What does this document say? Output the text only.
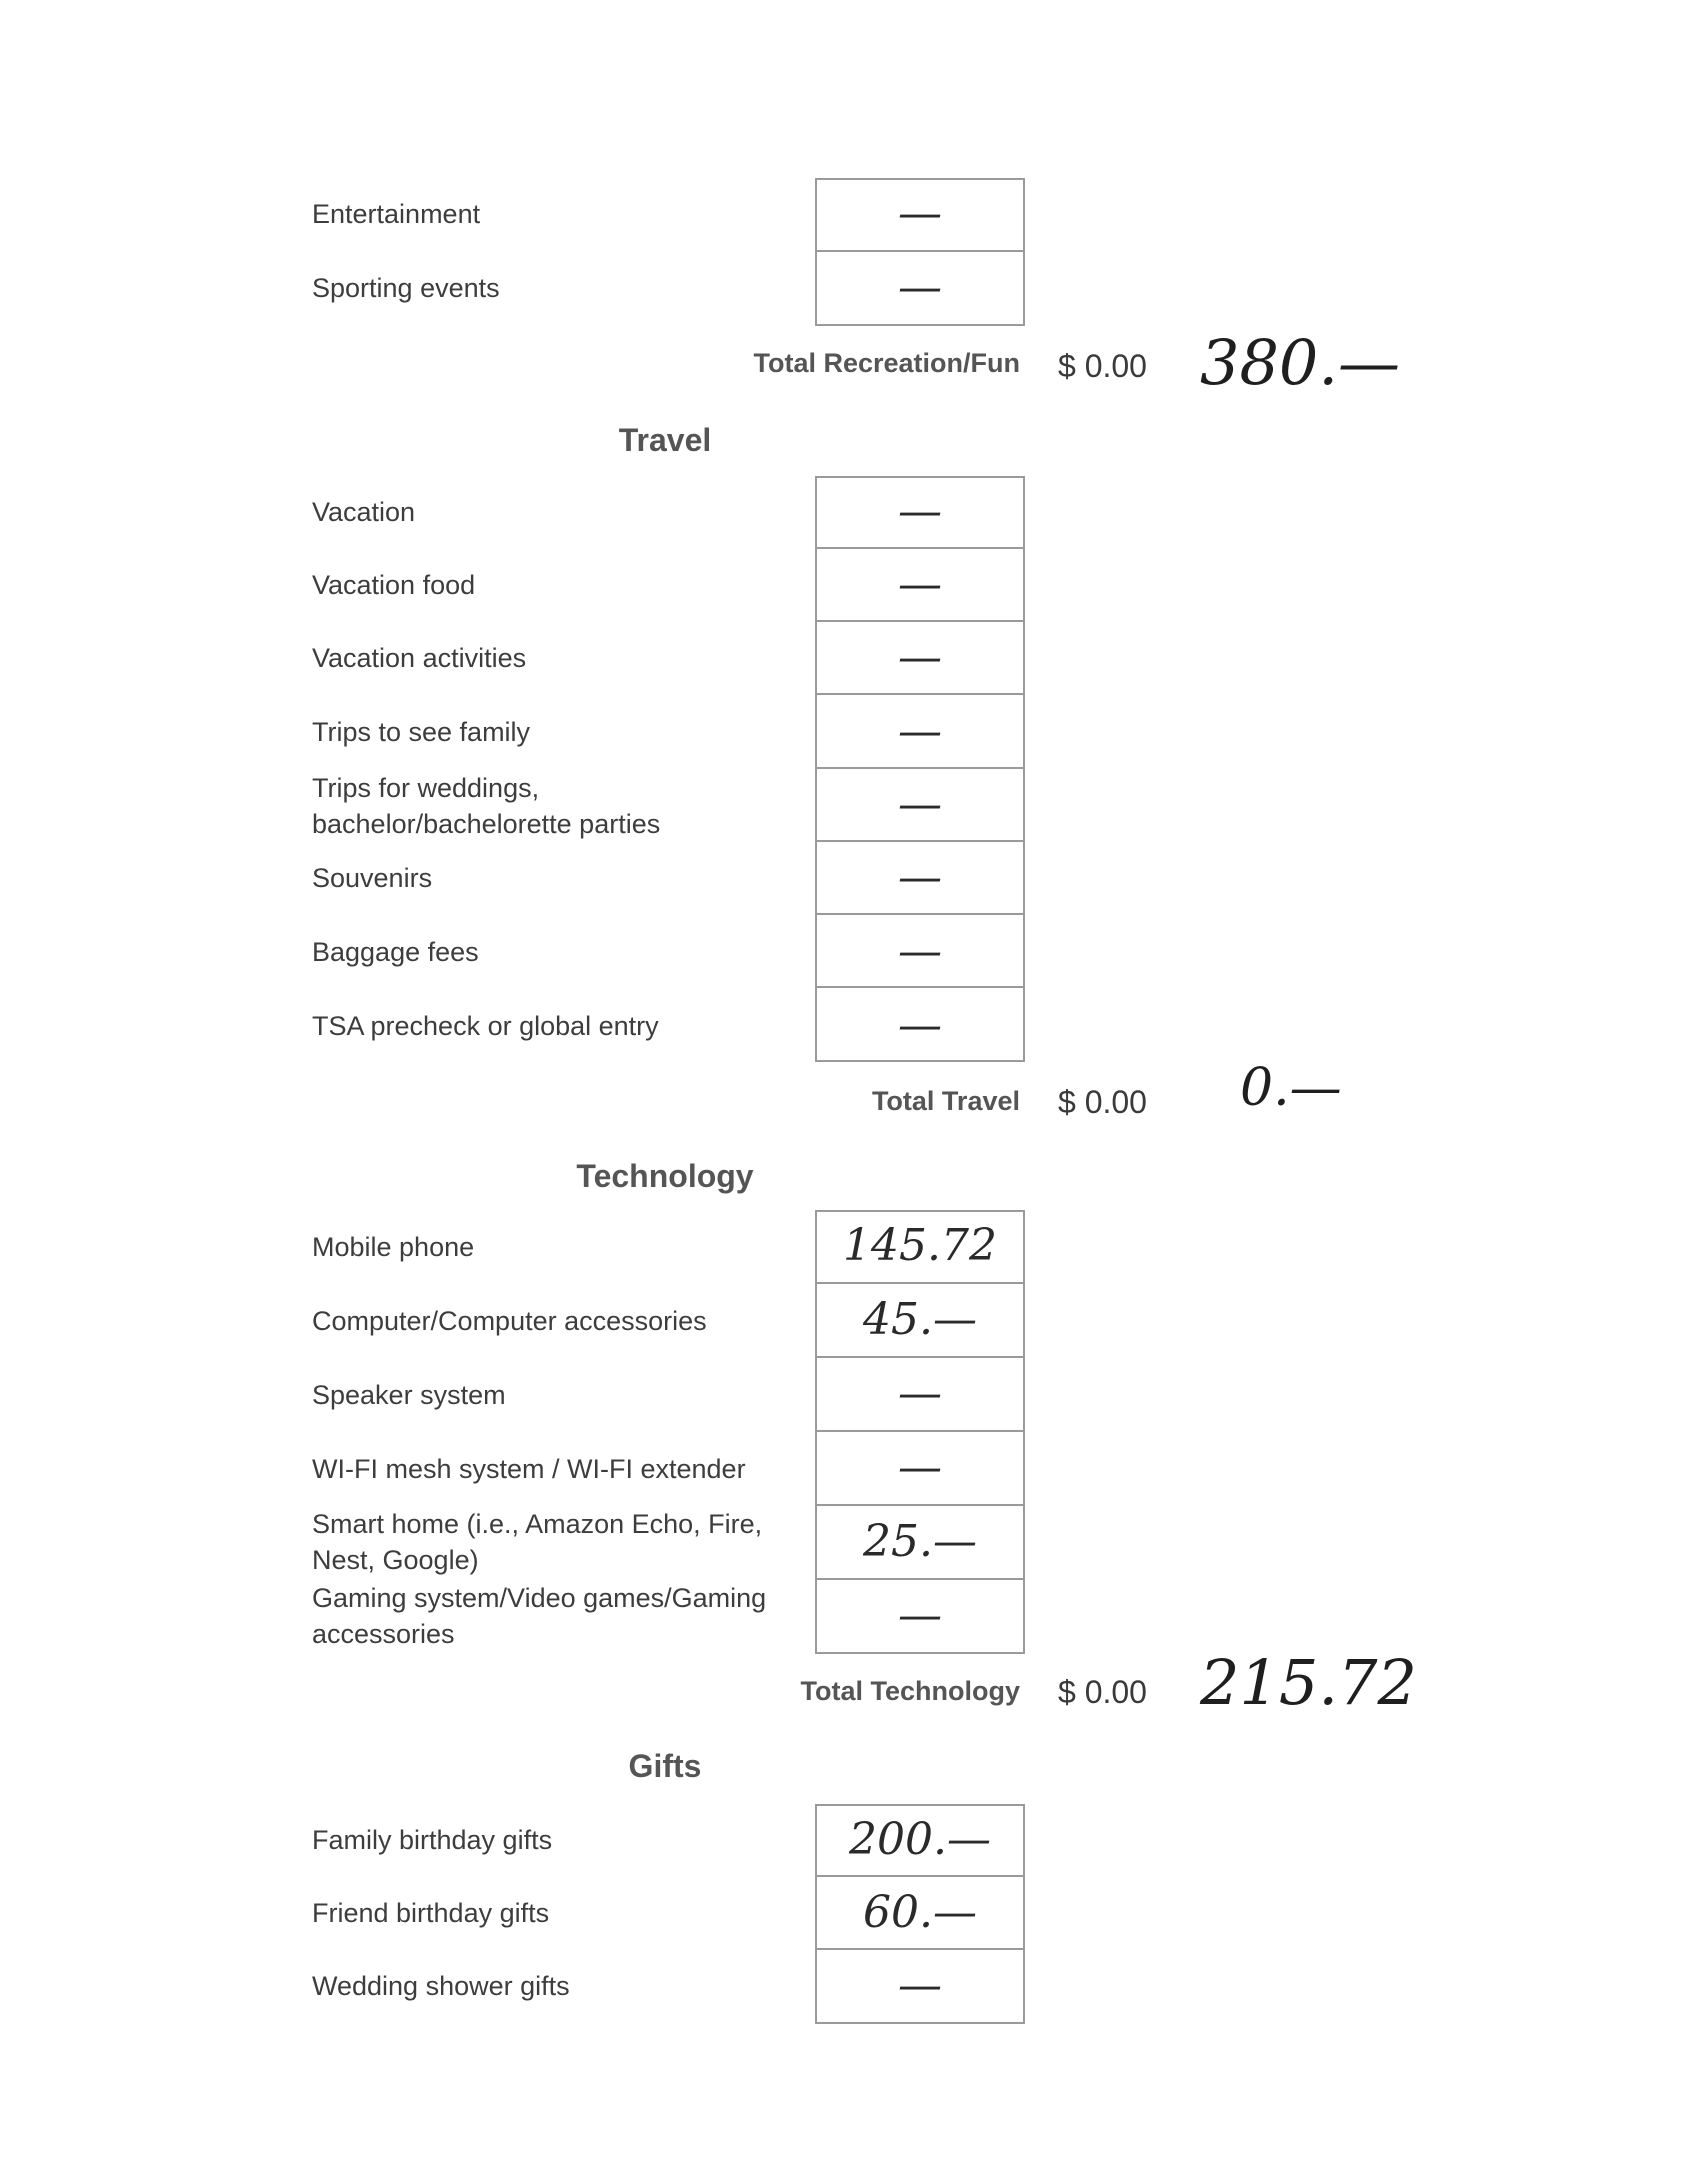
Entertainment	—
Sporting events	—
Total Recreation/Fun $ 0.00 380.—
Travel
Vacation	—
Vacation food	—
Vacation activities	—
Trips to see family	—
Trips for weddings,
bachelor/bachelorette parties	—
Souvenirs	—
Baggage fees	—
TSA precheck or global entry	—
Total Travel $ 0.00 0.—
Technology
Mobile phone	145.72
Computer/Computer accessories	45.—
Speaker system	—
WI-FI mesh system / WI-FI extender	—
Smart home (i.e., Amazon Echo, Fire,
Nest, Google)	25.—
Gaming system/Video games/Gaming
accessories	—
Total Technology $ 0.00 215.72
Gifts
Family birthday gifts	200.—
Friend birthday gifts	60.—
Wedding shower gifts	—
